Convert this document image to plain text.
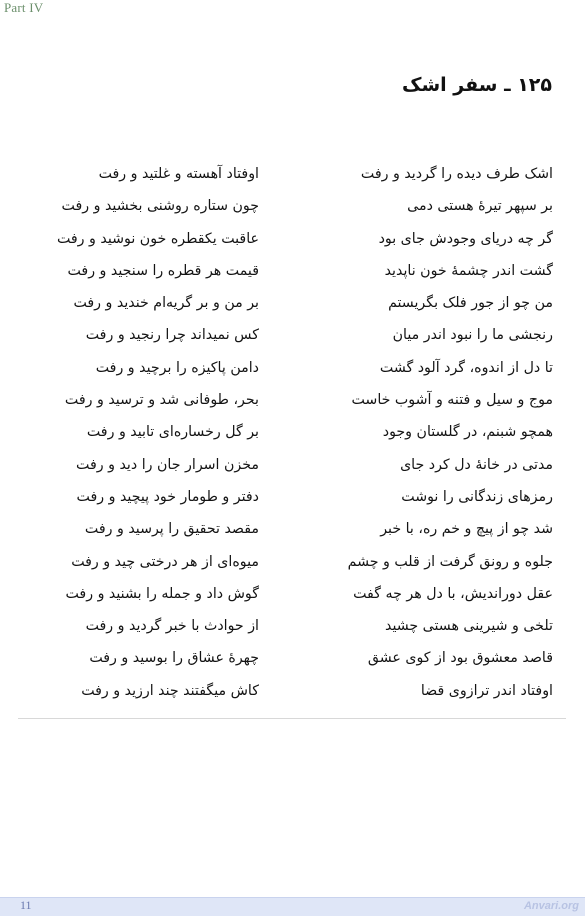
Part IV
۱۲۵ ـ سفر اشک
اشک طرف دیده را گردید و رفت
اوفتاد آهسته و غلتید و رفت
بر سپهر تیرهٔ هستی دمی
چون ستاره روشنی بخشید و رفت
گر چه دریای وجودش جای بود
عاقبت یکقطره خون نوشید و رفت
گشت اندر چشمهٔ خون ناپدید
قیمت هر قطره را سنجید و رفت
من چو از جور فلک بگریستم
بر من و بر گریه‌ام خندید و رفت
رنجشی ما را نبود اندر میان
کس نمیداند چرا رنجید و رفت
تا دل از اندوه، گرد آلود گشت
دامن پاکیزه را برچید و رفت
موج و سیل و فتنه و آشوب خاست
بحر، طوفانی شد و ترسید و رفت
همچو شبنم، در گلستان وجود
بر گل رخساره‌ای تابید و رفت
مدتی در خانهٔ دل کرد جای
مخزن اسرار جان را دید و رفت
رمزهای زندگانی را نوشت
دفتر و طومار خود پیچید و رفت
شد چو از پیچ و خم ره، با خبر
مقصد تحقیق را پرسید و رفت
جلوه و رونق گرفت از قلب و چشم
میوه‌ای از هر درختی چید و رفت
عقل دوراندیش، با دل هر چه گفت
گوش داد و جمله را بشنید و رفت
تلخی و شیرینی هستی چشید
از حوادث با خبر گردید و رفت
قاصد معشوق بود از کوی عشق
چهرهٔ عشاق را بوسید و رفت
اوفتاد اندر ترازوی قضا
کاش میگفتند چند ارزید و رفت
11	Anvari.org
